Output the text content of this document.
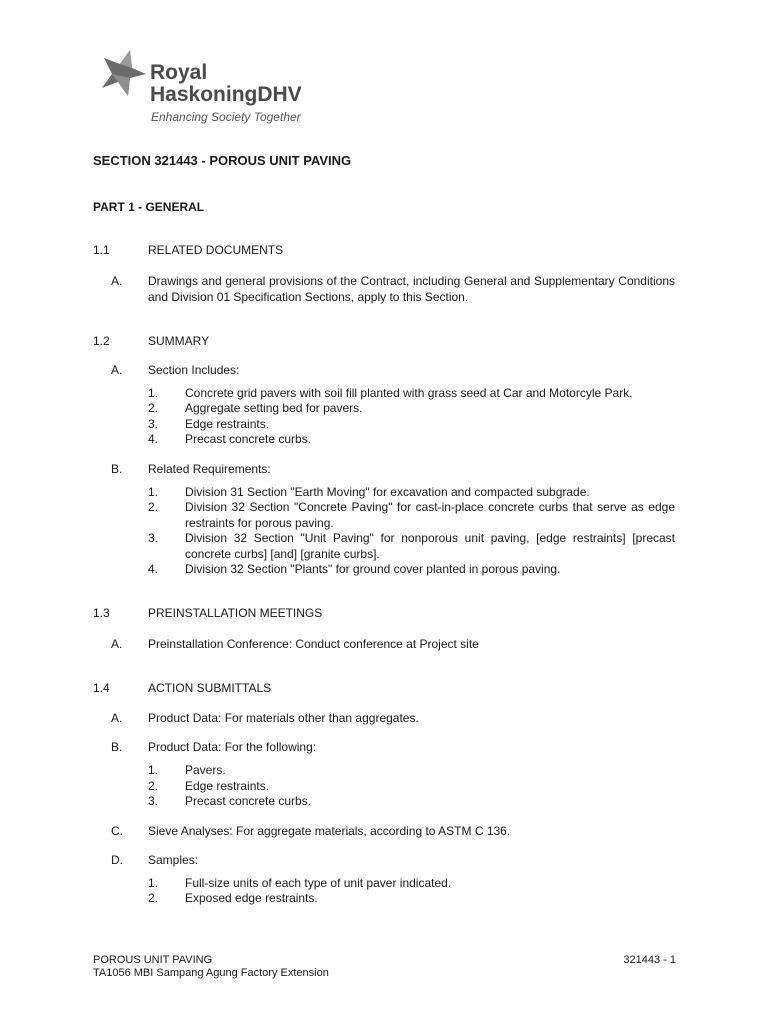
Royal
HaskoningDHV
Enhancing Society Together
SECTION 321443 - POROUS UNIT PAVING
PART 1 - GENERAL
1.1	RELATED DOCUMENTS
A. Drawings and general provisions of the Contract, including General and Supplementary Conditions and Division 01 Specification Sections, apply to this Section.
1.2	SUMMARY
A. Section Includes:
1. Concrete grid pavers with soil fill planted with grass seed at Car and Motorcyle Park.
2. Aggregate setting bed for pavers.
3. Edge restraints.
4. Precast concrete curbs.
B. Related Requirements:
1. Division 31 Section "Earth Moving" for excavation and compacted subgrade.
2. Division 32 Section "Concrete Paving" for cast-in-place concrete curbs that serve as edge restraints for porous paving.
3. Division 32 Section "Unit Paving" for nonporous unit paving, [edge restraints] [precast concrete curbs] [and] [granite curbs].
4. Division 32 Section "Plants" for ground cover planted in porous paving.
1.3	PREINSTALLATION MEETINGS
A. Preinstallation Conference: Conduct conference at Project site
1.4	ACTION SUBMITTALS
A. Product Data: For materials other than aggregates.
B. Product Data: For the following:
1. Pavers.
2. Edge restraints.
3. Precast concrete curbs.
C. Sieve Analyses: For aggregate materials, according to ASTM C 136.
D. Samples:
1. Full-size units of each type of unit paver indicated.
2. Exposed edge restraints.
POROUS UNIT PAVING
TA1056 MBI Sampang Agung Factory Extension
321443 - 1
